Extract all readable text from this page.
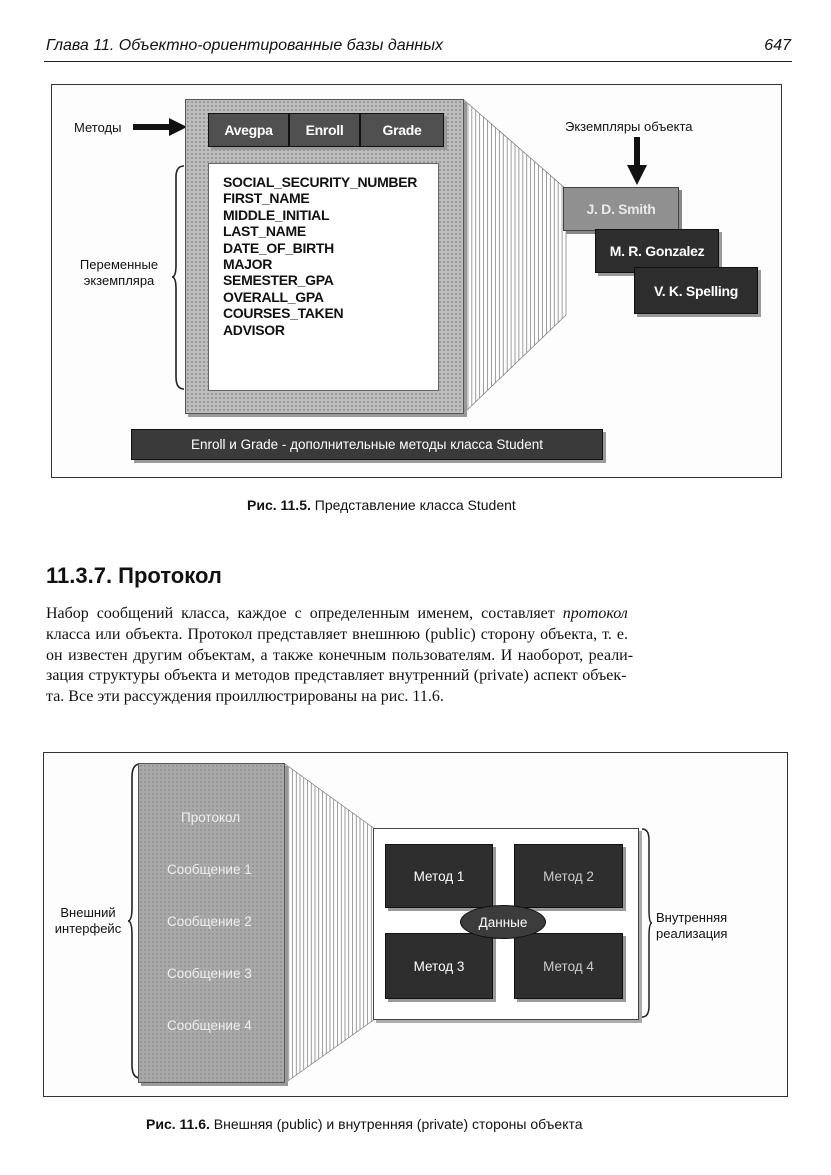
Глава 11. Объектно-ориентированные базы данных	647
Методы	Avegpa Enroll	Grade
SOCIAL_SECURITY_NUMBER
FIRST_NAME
MIDDLE_INITIAL
LAST_NAME
DATE_OF_BIRTH
MAJOR
SEMESTER_GPA
OVERALL_GPA
COURSES_TAKEN
ADVISOR
Переменные
экземпляра
Экземпляры объекта
J. D. Smith
M. R. Gonzalez
V. K. Spelling
Enroll и Grade - дополнительные методы класса Student
Рис. 11.5. Представление класса Student
11.3.7. Протокол
Набор сообщений класса, каждое с определенным именем, составляет протокол
класса или объекта. Протокол представляет внешнюю (public) сторону объекта, т. е.
он известен другим объектам, а также конечным пользователям. И наоборот, реали-
зация структуры объекта и методов представляет внутренний (private) аспект объек-
та. Все эти рассуждения проиллюстрированы на рис. 11.6.
Внешний
интерфейс
Протокол
Сообщение 1
Сообщение 2
Сообщение 3
Сообщение 4
Метод 1	Метод 2
Метод 3	Метод 4
Данные	Внутренняя
реализация
Рис. 11.6. Внешняя (public) и внутренняя (private) стороны объекта
